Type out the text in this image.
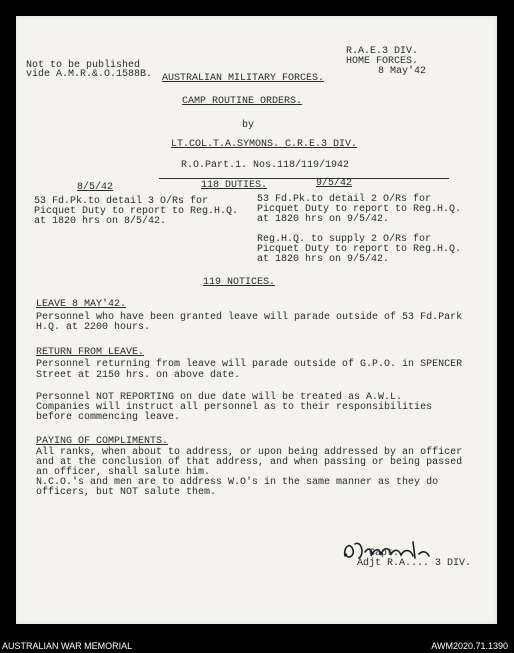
Not to be published
vide A.M.R.&.O.1588B.
R.A.E.3 DIV.
HOME FORCES.
8 May'42
AUSTRALIAN MILITARY FORCES.
CAMP ROUTINE ORDERS.
by
LT.COL.T.A.SYMONS. C.R.E.3 DIV.
R.O.Part.1. Nos.118/119/1942
8/5/42	118 DUTIES.	9/5/42
53 Fd.Pk.to detail 3 O/Rs for
Picquet Duty to report to Reg.H.Q.
at 1820 hrs on 8/5/42.
53 Fd.Pk.to detail 2 O/Rs for
Picquet Duty to report to Reg.H.Q.
at 1820 hrs on 9/5/42.
Reg.H.Q. to supply 2 O/Rs for
Picquet Duty to report to Reg.H.Q.
at 1820 hrs on 9/5/42.
119 NOTICES.
LEAVE 8 MAY'42.
Personnel who have been granted leave will parade outside of 53 Fd.Park
H.Q. at 2200 hours.
RETURN FROM LEAVE.
Personnel returning from leave will parade outside of G.P.O. in SPENCER
Street at 2150 hrs. on above date.
Personnel NOT REPORTING on due date will be treated as A.W.L.
Companies will instruct all personnel as to their responsibilities
before commencing leave.
PAYING OF COMPLIMENTS.
All ranks, when about to address, or upon being addressed by an officer
and at the conclusion of that address, and when passing or being passed
an officer, shall salute him.
N.C.O.'s and men are to address W.O's in the same manner as they do
officers, but NOT salute them.
Capt.
Adjt R.A.... 3 DIV.
AUSTRALIAN WAR MEMORIAL	AWM2020.71.1390
